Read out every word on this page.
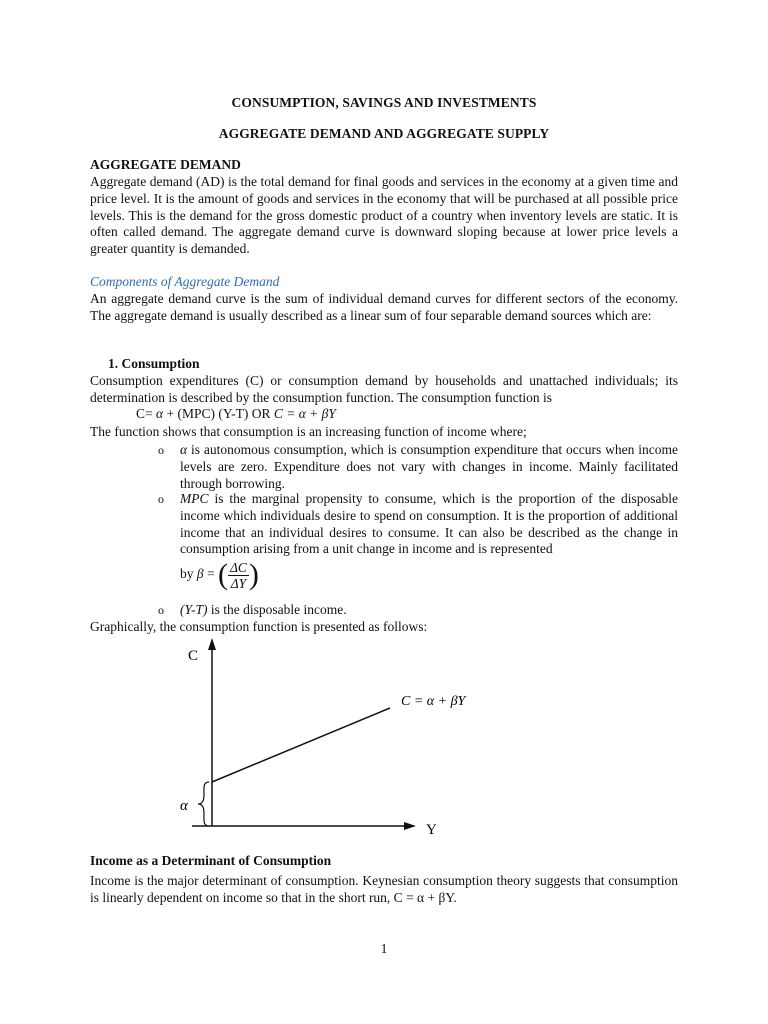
CONSUMPTION, SAVINGS AND INVESTMENTS
AGGREGATE DEMAND AND AGGREGATE SUPPLY
AGGREGATE DEMAND
Aggregate demand (AD) is the total demand for final goods and services in the economy at a given time and price level. It is the amount of goods and services in the economy that will be purchased at all possible price levels. This is the demand for the gross domestic product of a country when inventory levels are static. It is often called demand. The aggregate demand curve is downward sloping because at lower price levels a greater quantity is demanded.
Components of Aggregate Demand
An aggregate demand curve is the sum of individual demand curves for different sectors of the economy. The aggregate demand is usually described as a linear sum of four separable demand sources which are:
1. Consumption
Consumption expenditures (C) or consumption demand by households and unattached individuals; its determination is described by the consumption function. The consumption function is
C= α + (MPC) (Y-T) OR C = α + βY
The function shows that consumption is an increasing function of income where;
o α is autonomous consumption, which is consumption expenditure that occurs when income levels are zero. Expenditure does not vary with changes in income. Mainly facilitated through borrowing.
o MPC is the marginal propensity to consume, which is the proportion of the disposable income which individuals desire to spend on consumption. It is the proportion of additional income that an individual desires to consume. It can also be described as the change in consumption arising from a unit change in income and is represented
by β = ( $\frac{\Delta C}{\Delta Y}$ )
o (Y-T) is the disposable income.
Graphically, the consumption function is presented as follows:
C
Y
C = α + βY
α
Income as a Determinant of Consumption
Income is the major determinant of consumption. Keynesian consumption theory suggests that consumption is linearly dependent on income so that in the short run, C = α + βY.
1
